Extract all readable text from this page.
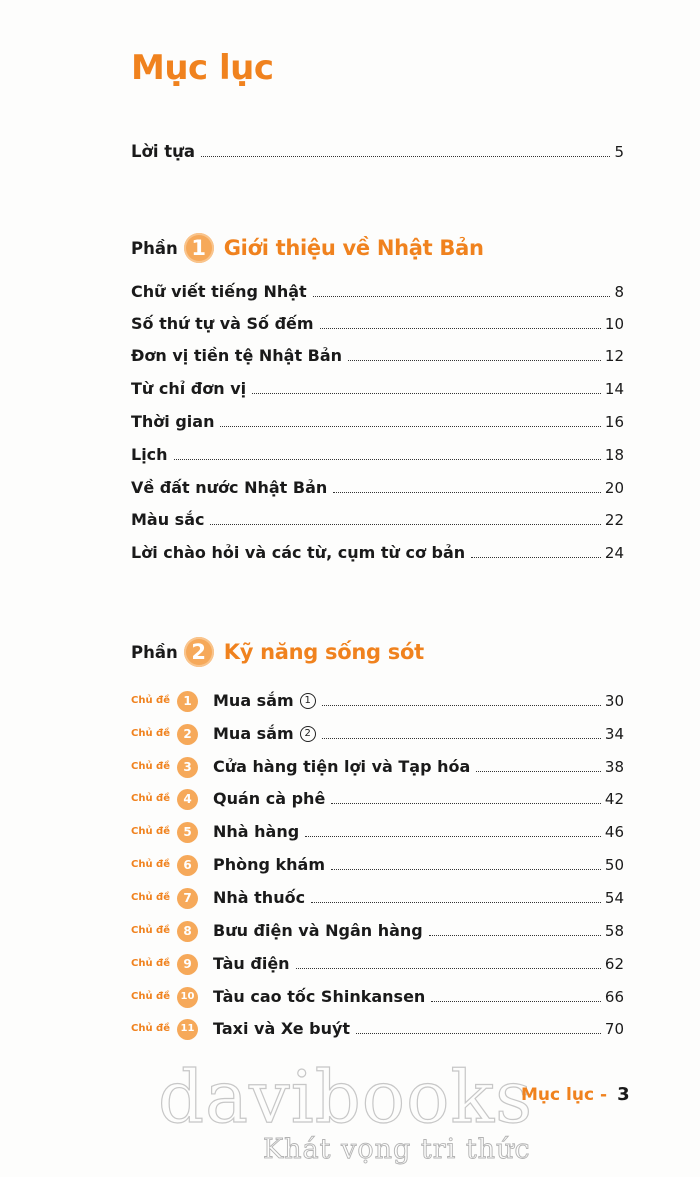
Mục lục
Lời tựa	5
Phần 1 Giới thiệu về Nhật Bản
Chữ viết tiếng Nhật	8
Số thứ tự và Số đếm	10
Đơn vị tiền tệ Nhật Bản	12
Từ chỉ đơn vị	14
Thời gian	16
Lịch	18
Về đất nước Nhật Bản	20
Màu sắc	22
Lời chào hỏi và các từ, cụm từ cơ bản	24
Phần 2 Kỹ năng sống sót
Chủ đề	1	Mua sắm 1	30
Chủ đề	2	Mua sắm 2	34
Chủ đề	3	Cửa hàng tiện lợi và Tạp hóa	38
Chủ đề	4	Quán cà phê	42
Chủ đề	5	Nhà hàng	46
Chủ đề	6	Phòng khám	50
Chủ đề	7	Nhà thuốc	54
Chủ đề	8	Bưu điện và Ngân hàng	58
Chủ đề	9	Tàu điện	62
Chủ đề	10 Tàu cao tốc Shinkansen	66
Chủ đề	11 Taxi và Xe buýt	70
davibooks
Khát vọng tri thức
Mục lục - 3
